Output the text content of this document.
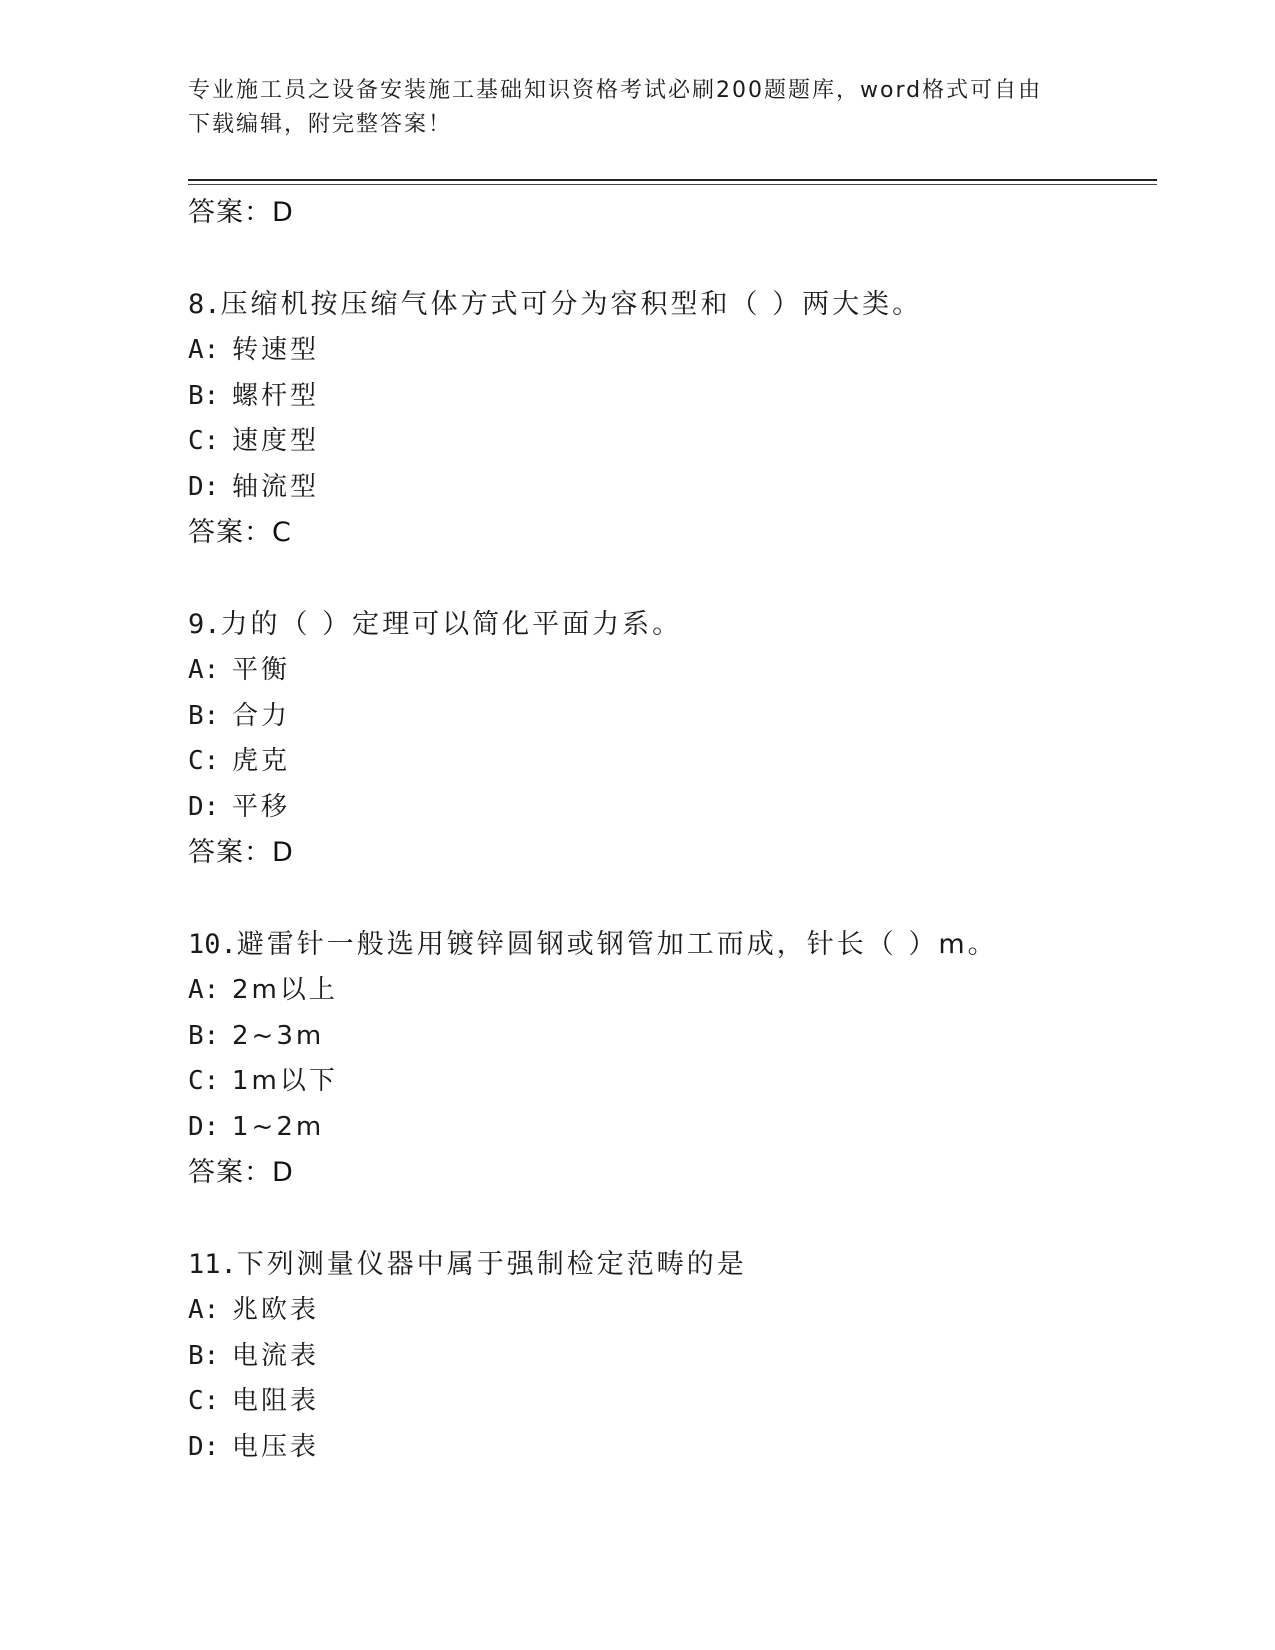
专业施工员之设备安装施工基础知识资格考试必刷200题题库，word格式可自由
下载编辑，附完整答案！
答案：D
8.压缩机按压缩气体方式可分为容积型和（ ）两大类。
A: 转速型
B: 螺杆型
C: 速度型
D: 轴流型
答案：C
9.力的（ ）定理可以简化平面力系。
A: 平衡
B: 合力
C: 虎克
D: 平移
答案：D
10.避雷针一般选用镀锌圆钢或钢管加工而成，针长（ ）m。
A: 2m以上
B: 2~3m
C: 1m以下
D: 1~2m
答案：D
11.下列测量仪器中属于强制检定范畴的是
A: 兆欧表
B: 电流表
C: 电阻表
D: 电压表
